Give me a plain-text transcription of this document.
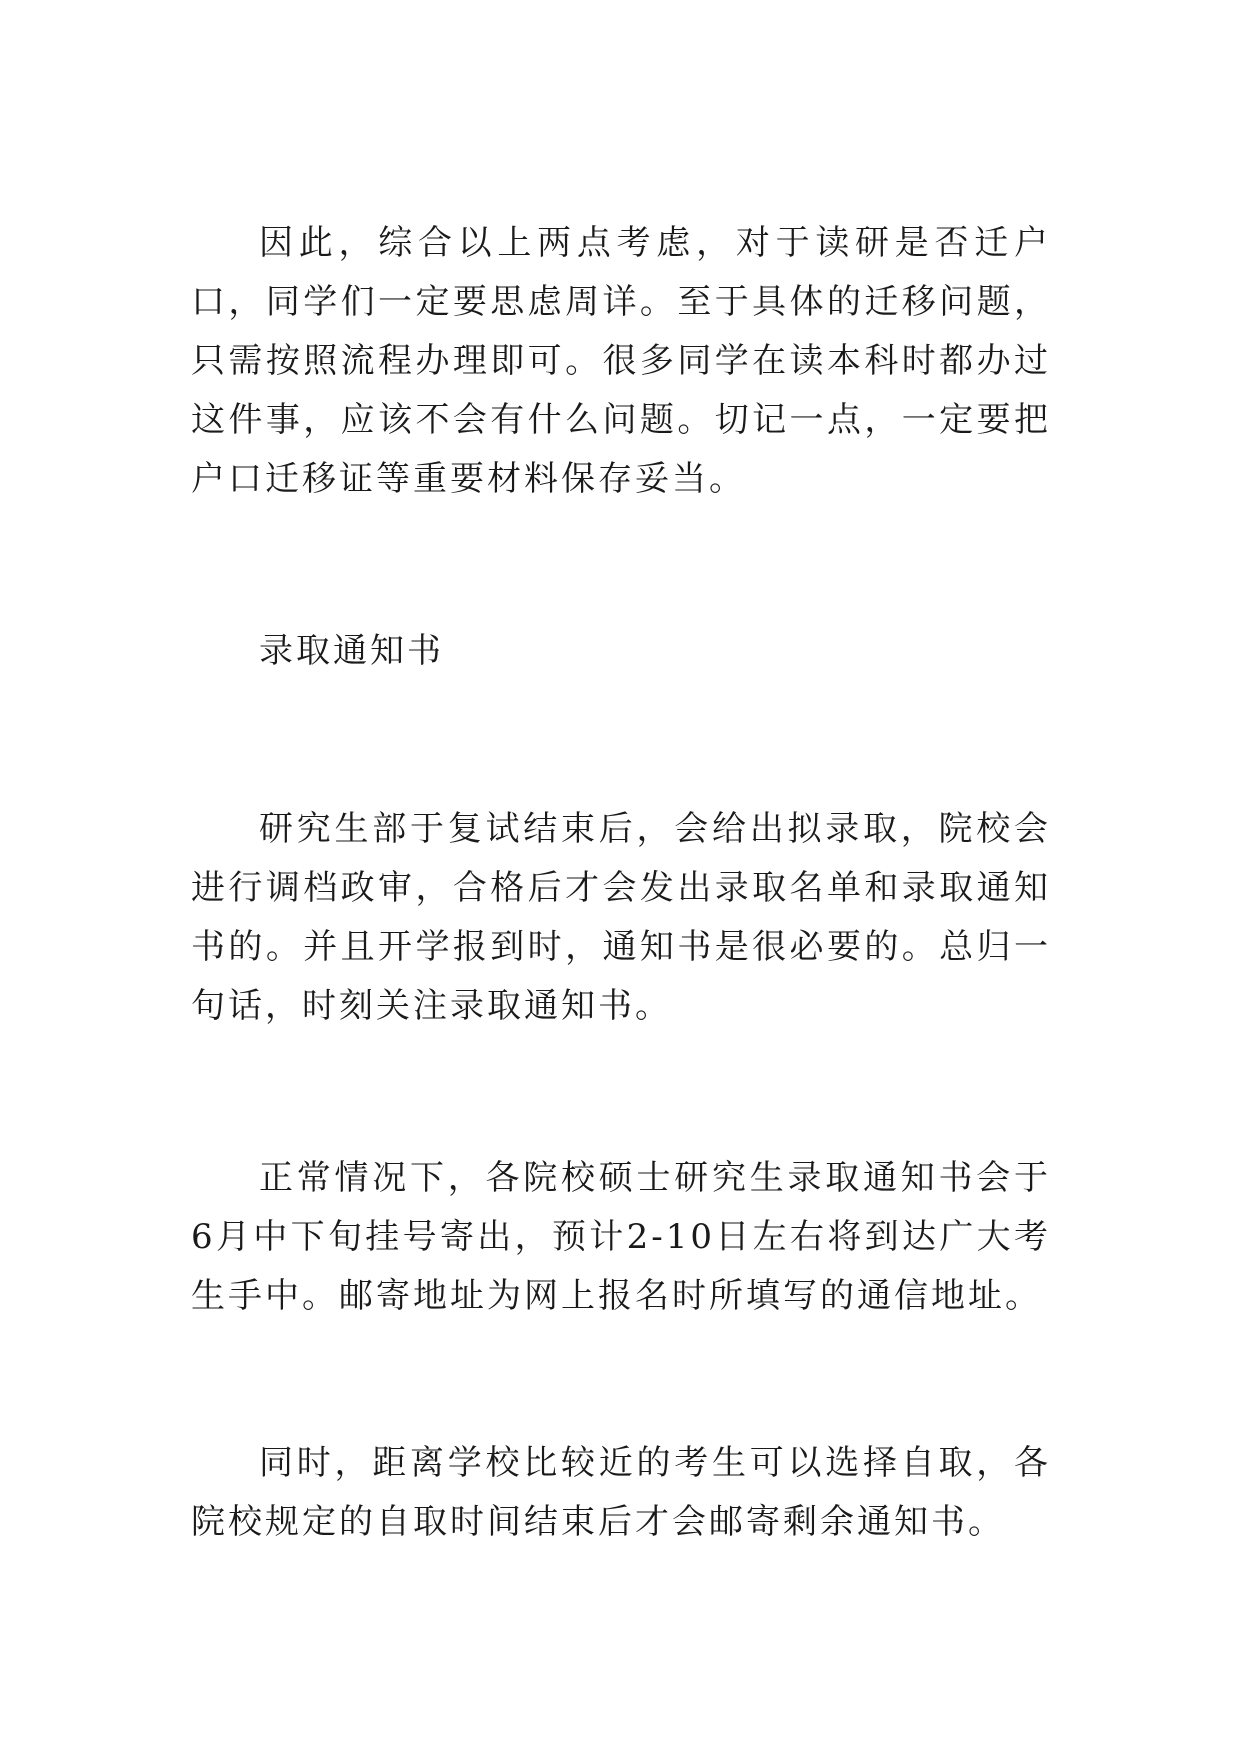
因此，综合以上两点考虑，对于读研是否迁户口，同学们一定要思虑周详。至于具体的迁移问题，只需按照流程办理即可。很多同学在读本科时都办过这件事，应该不会有什么问题。切记一点，一定要把户口迁移证等重要材料保存妥当。

录取通知书

研究生部于复试结束后，会给出拟录取，院校会进行调档政审，合格后才会发出录取名单和录取通知书的。并且开学报到时，通知书是很必要的。总归一句话，时刻关注录取通知书。

正常情况下，各院校硕士研究生录取通知书会于6月中下旬挂号寄出，预计2-10日左右将到达广大考生手中。邮寄地址为网上报名时所填写的通信地址。

同时，距离学校比较近的考生可以选择自取，各院校规定的自取时间结束后才会邮寄剩余通知书。
